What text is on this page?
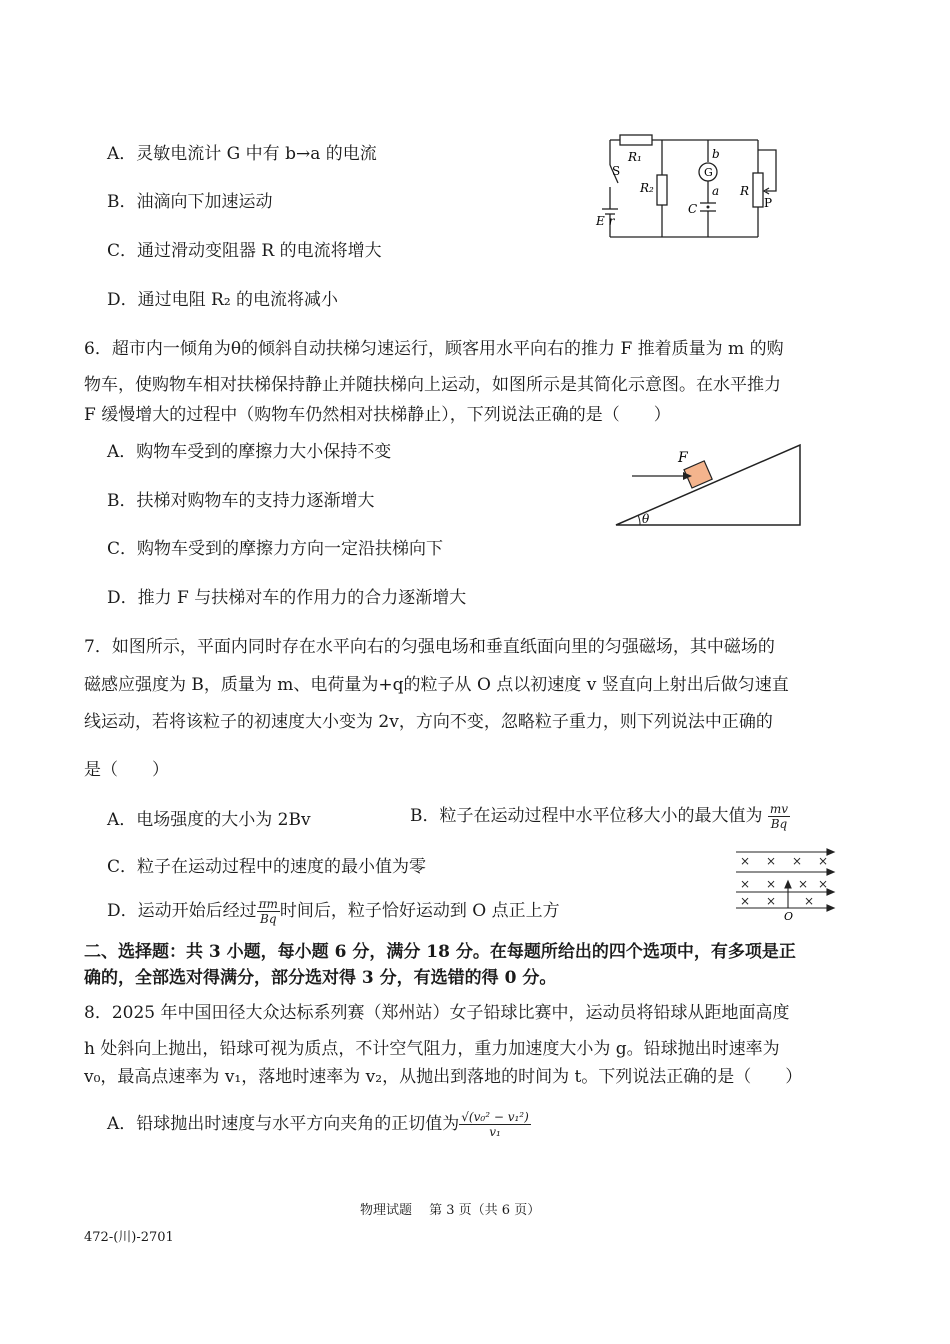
A．灵敏电流计 G 中有 b→a 的电流
B．油滴向下加速运动
C．通过滑动变阻器 R 的电流将增大
D．通过电阻 R₂ 的电流将减小
R₁
S
R₂
G
b
a
C
R
P
E r
6．超市内一倾角为θ的倾斜自动扶梯匀速运行，顾客用水平向右的推力 F 推着质量为 m 的购
物车，使购物车相对扶梯保持静止并随扶梯向上运动，如图所示是其简化示意图。在水平推力
F 缓慢增大的过程中（购物车仍然相对扶梯静止），下列说法正确的是（　　）
A．购物车受到的摩擦力大小保持不变
B．扶梯对购物车的支持力逐渐增大
C．购物车受到的摩擦力方向一定沿扶梯向下
D．推力 F 与扶梯对车的作用力的合力逐渐增大
F
θ
7．如图所示，平面内同时存在水平向右的匀强电场和垂直纸面向里的匀强磁场，其中磁场的
磁感应强度为 B，质量为 m、电荷量为+q的粒子从 O 点以初速度 v 竖直向上射出后做匀速直
线运动，若将该粒子的初速度大小变为 2v，方向不变，忽略粒子重力，则下列说法中正确的
是（　　）
A．电场强度的大小为 2Bv	B．粒子在运动过程中水平位移大小的最大值为 $\frac{mv}{Bq}$
C．粒子在运动过程中的速度的最小值为零
D．运动开始后经过 $\frac{\pi m}{Bq}$ 时间后，粒子恰好运动到 O 点正上方
× × × ×
× × × ×
× × ×
O
二、选择题：共 3 小题，每小题 6 分，满分 18 分。在每题所给出的四个选项中，有多项是正
确的，全部选对得满分，部分选对得 3 分，有选错的得 0 分。
8．2025 年中国田径大众达标系列赛（郑州站）女子铅球比赛中，运动员将铅球从距地面高度
h 处斜向上抛出，铅球可视为质点，不计空气阻力，重力加速度大小为 g。铅球抛出时速率为
v₀，最高点速率为 v₁，落地时速率为 v₂，从抛出到落地的时间为 t。下列说法正确的是（　　）
A．铅球抛出时速度与水平方向夹角的正切值为 $\frac{\text{√(v₀² − v₁²)}}{\text{v₁}}$
物理试题　 第 3 页（共 6 页）
472-(川)-2701
